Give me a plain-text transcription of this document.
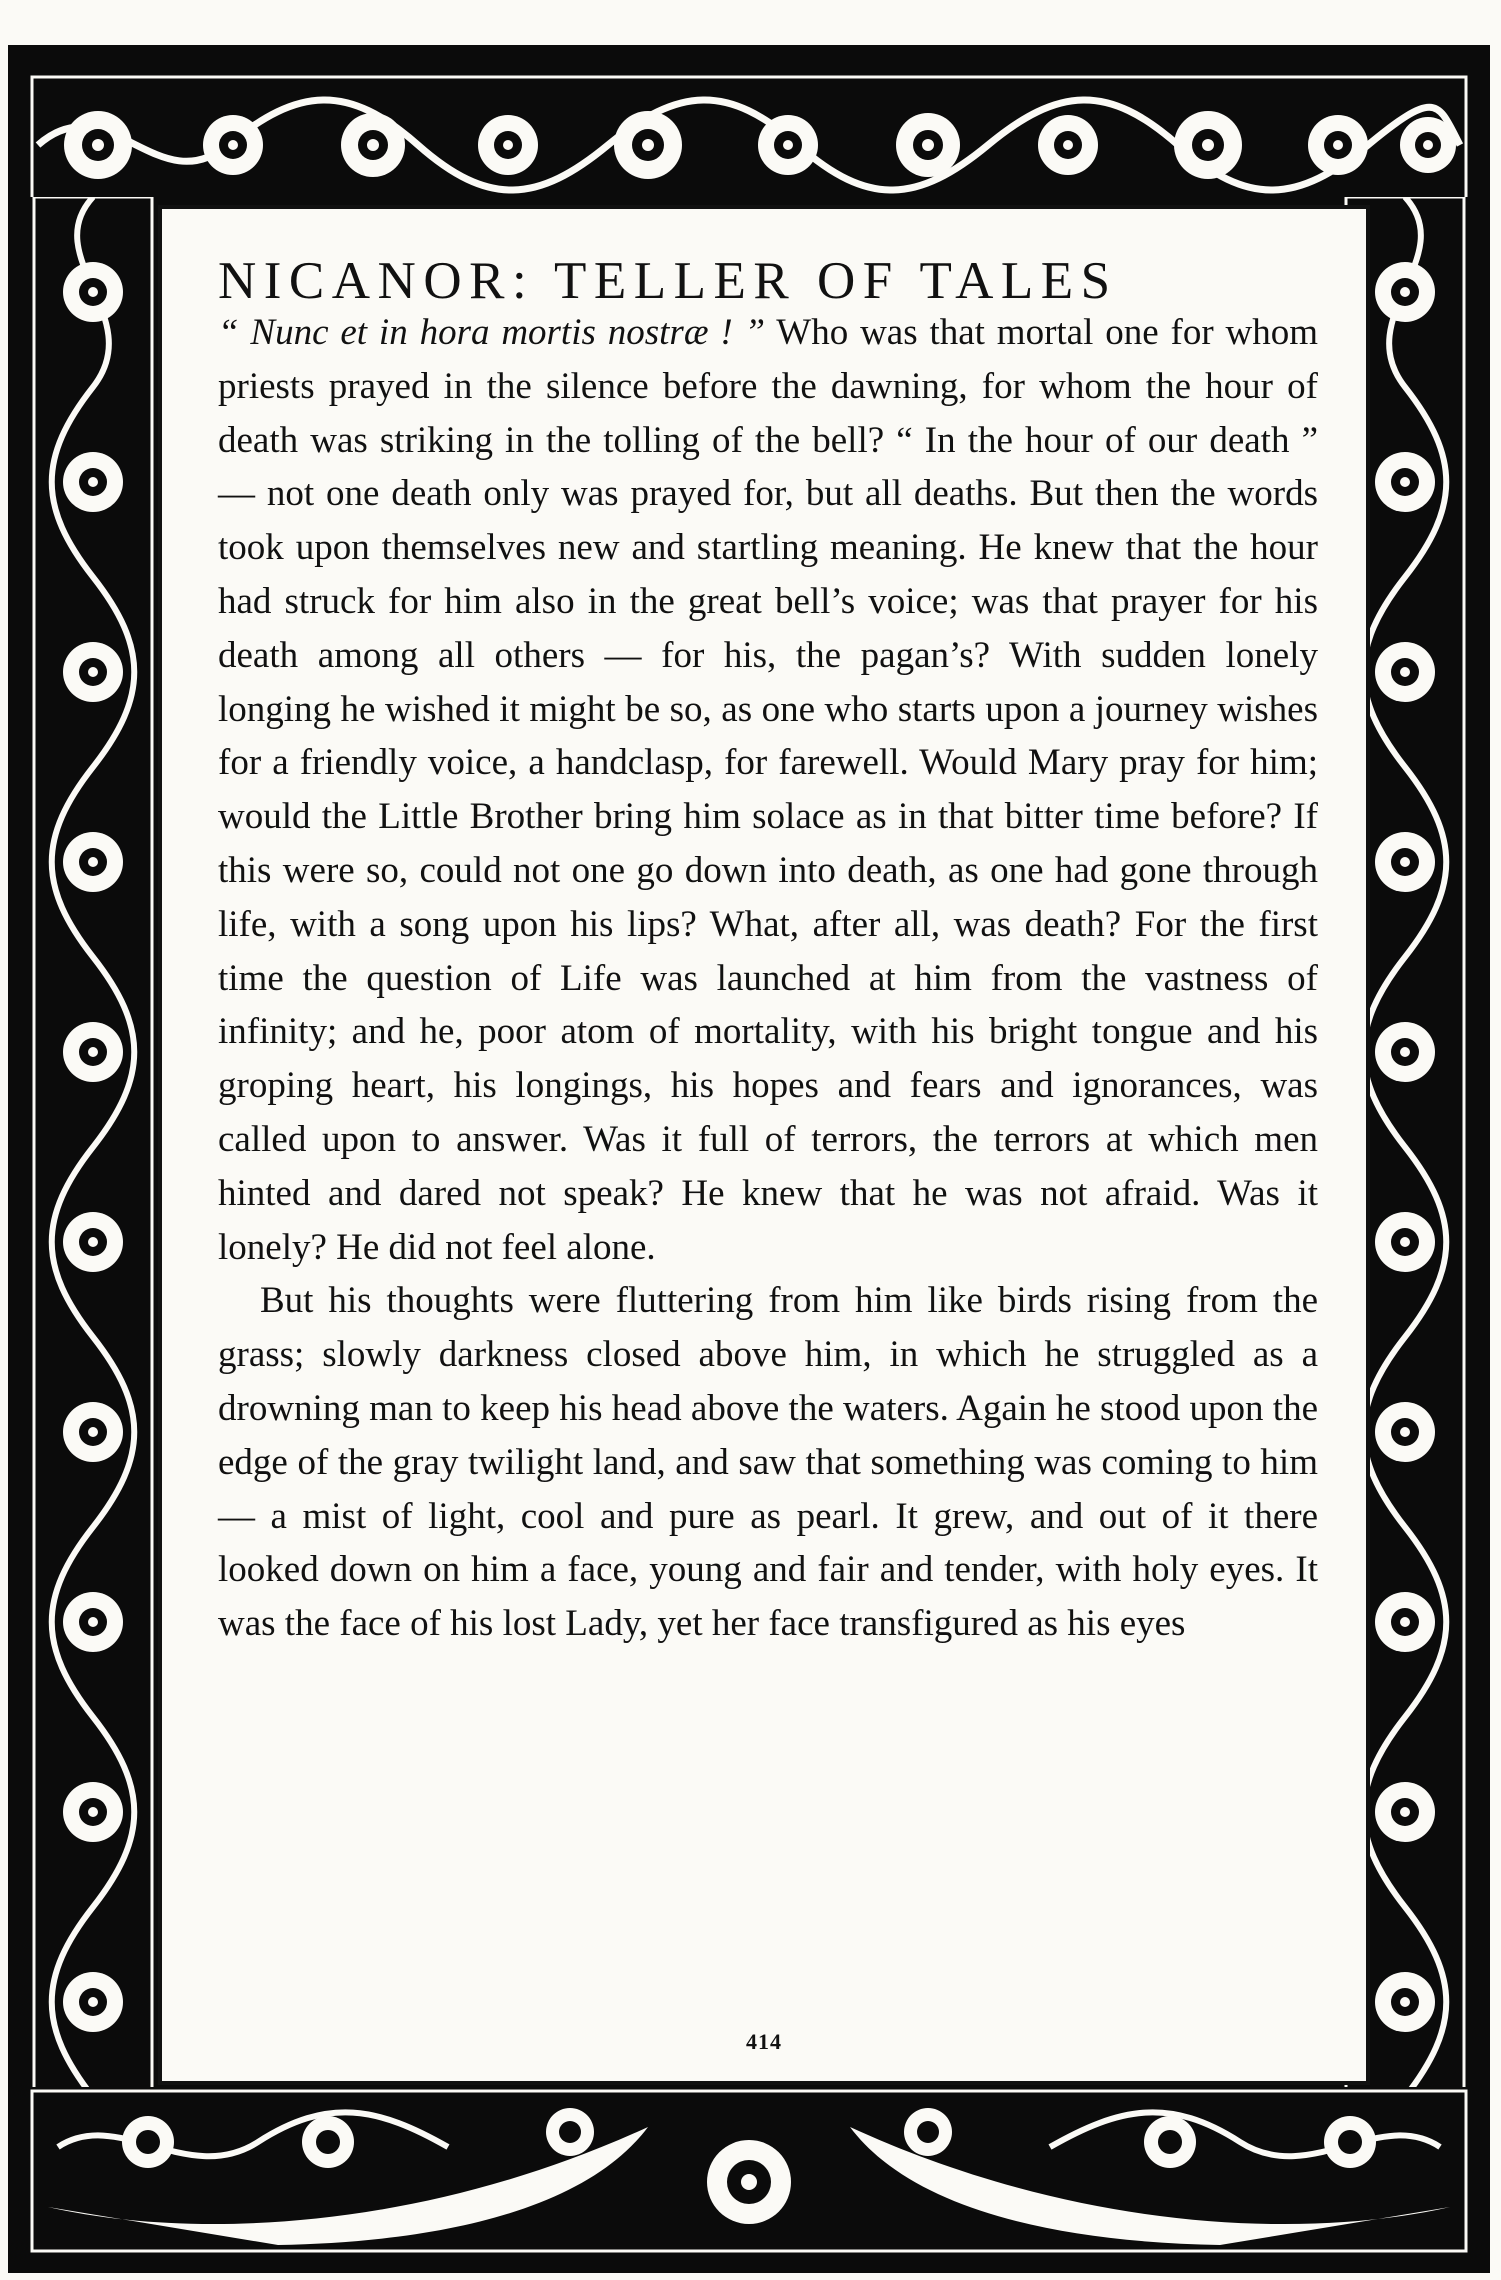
NICANOR: TELLER OF TALES

“ Nunc et in hora mortis nostræ ! ” Who was that mortal one for whom priests prayed in the silence before the dawning, for whom the hour of death was striking in the tolling of the bell? “ In the hour of our death ” — not one death only was prayed for, but all deaths. But then the words took upon themselves new and startling meaning. He knew that the hour had struck for him also in the great bell’s voice; was that prayer for his death among all others — for his, the pagan’s? With sudden lonely longing he wished it might be so, as one who starts upon a journey wishes for a friendly voice, a handclasp, for farewell. Would Mary pray for him; would the Little Brother bring him solace as in that bitter time before? If this were so, could not one go down into death, as one had gone through life, with a song upon his lips? What, after all, was death? For the first time the question of Life was launched at him from the vastness of infinity; and he, poor atom of mortality, with his bright tongue and his groping heart, his longings, his hopes and fears and ignorances, was called upon to answer. Was it full of terrors, the terrors at which men hinted and dared not speak? He knew that he was not afraid. Was it lonely? He did not feel alone.

But his thoughts were fluttering from him like birds rising from the grass; slowly darkness closed above him, in which he struggled as a drowning man to keep his head above the waters. Again he stood upon the edge of the gray twilight land, and saw that something was coming to him — a mist of light, cool and pure as pearl. It grew, and out of it there looked down on him a face, young and fair and tender, with holy eyes. It was the face of his lost Lady, yet her face transfigured as his eyes

414
